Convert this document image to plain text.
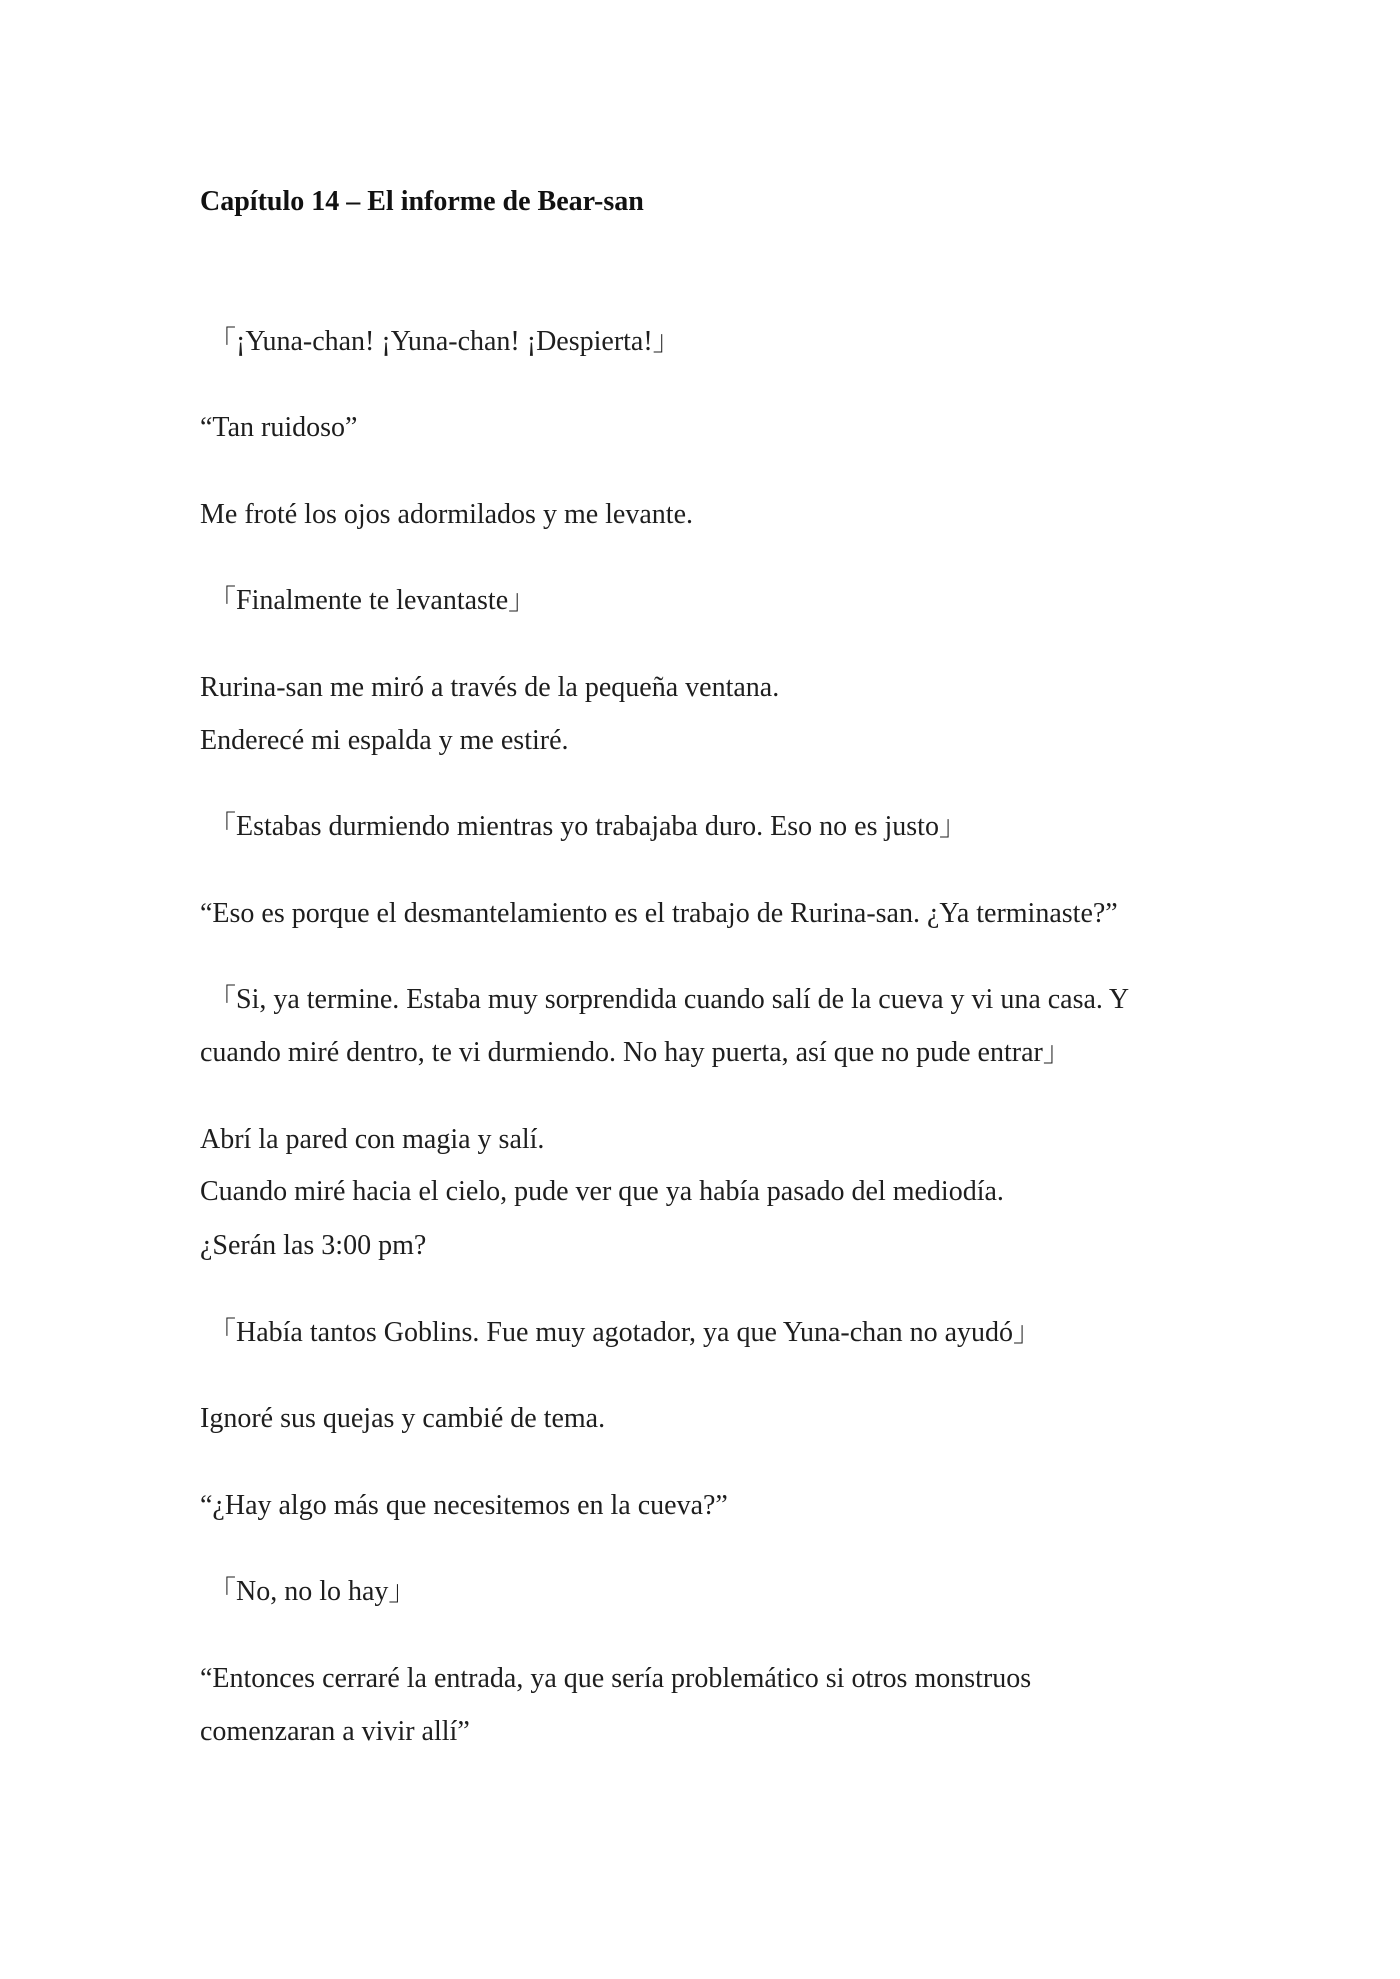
Capítulo 14 – El informe de Bear-san

「¡Yuna-chan! ¡Yuna-chan! ¡Despierta!」

“Tan ruidoso”

Me froté los ojos adormilados y me levante.

「Finalmente te levantaste」

Rurina-san me miró a través de la pequeña ventana.

Enderecé mi espalda y me estiré.

「Estabas durmiendo mientras yo trabajaba duro. Eso no es justo」

“Eso es porque el desmantelamiento es el trabajo de Rurina-san. ¿Ya terminaste?”

「Si, ya termine. Estaba muy sorprendida cuando salí de la cueva y vi una casa. Y

cuando miré dentro, te vi durmiendo. No hay puerta, así que no pude entrar」

Abrí la pared con magia y salí.

Cuando miré hacia el cielo, pude ver que ya había pasado del mediodía.

¿Serán las 3:00 pm?

「Había tantos Goblins. Fue muy agotador, ya que Yuna-chan no ayudó」

Ignoré sus quejas y cambié de tema.

“¿Hay algo más que necesitemos en la cueva?”

「No, no lo hay」

“Entonces cerraré la entrada, ya que sería problemático si otros monstruos

comenzaran a vivir allí”
